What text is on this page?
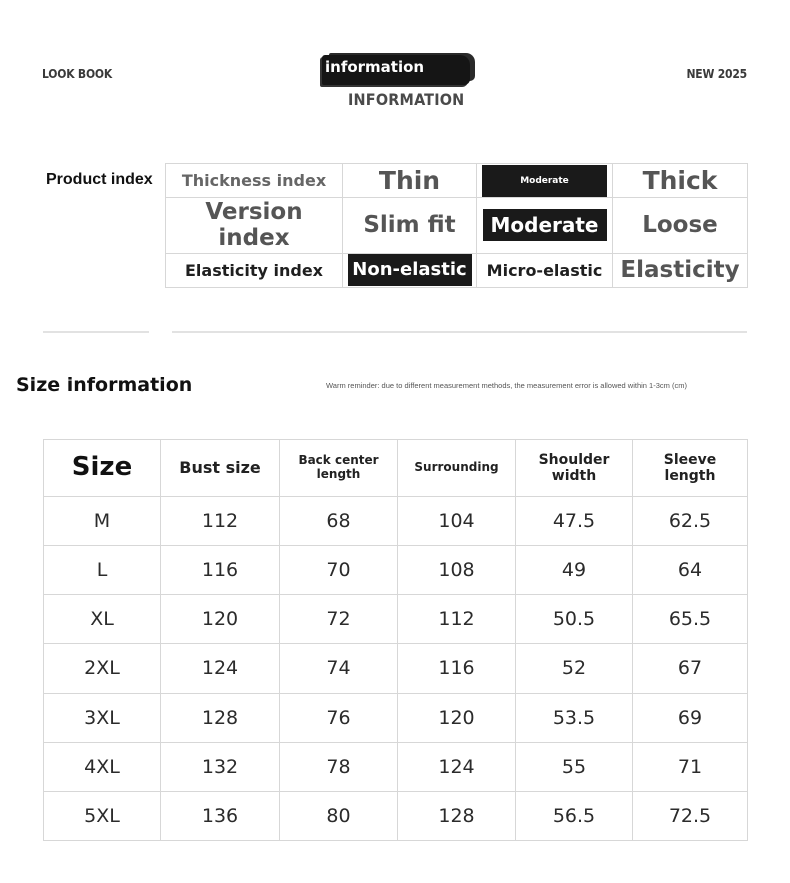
LOOK BOOK	information
INFORMATION
NEW 2025
Product index Thickness index	Thin	Moderate	Thick
Version index	Slim fit	Moderate	Loose
Elasticity index	Non-elastic	Micro-elastic	Elasticity
Size information	Warm reminder: due to different measurement methods, the measurement error is allowed within 1-3cm (cm)
Size	Bust size	Back center length	Surrounding	Shoulder width	Sleeve length
M	112	68	104	47.5	62.5
L	116	70	108	49	64
XL	120	72	112	50.5	65.5
2XL	124	74	116	52	67
3XL	128	76	120	53.5	69
4XL	132	78	124	55	71
5XL	136	80	128	56.5	72.5
